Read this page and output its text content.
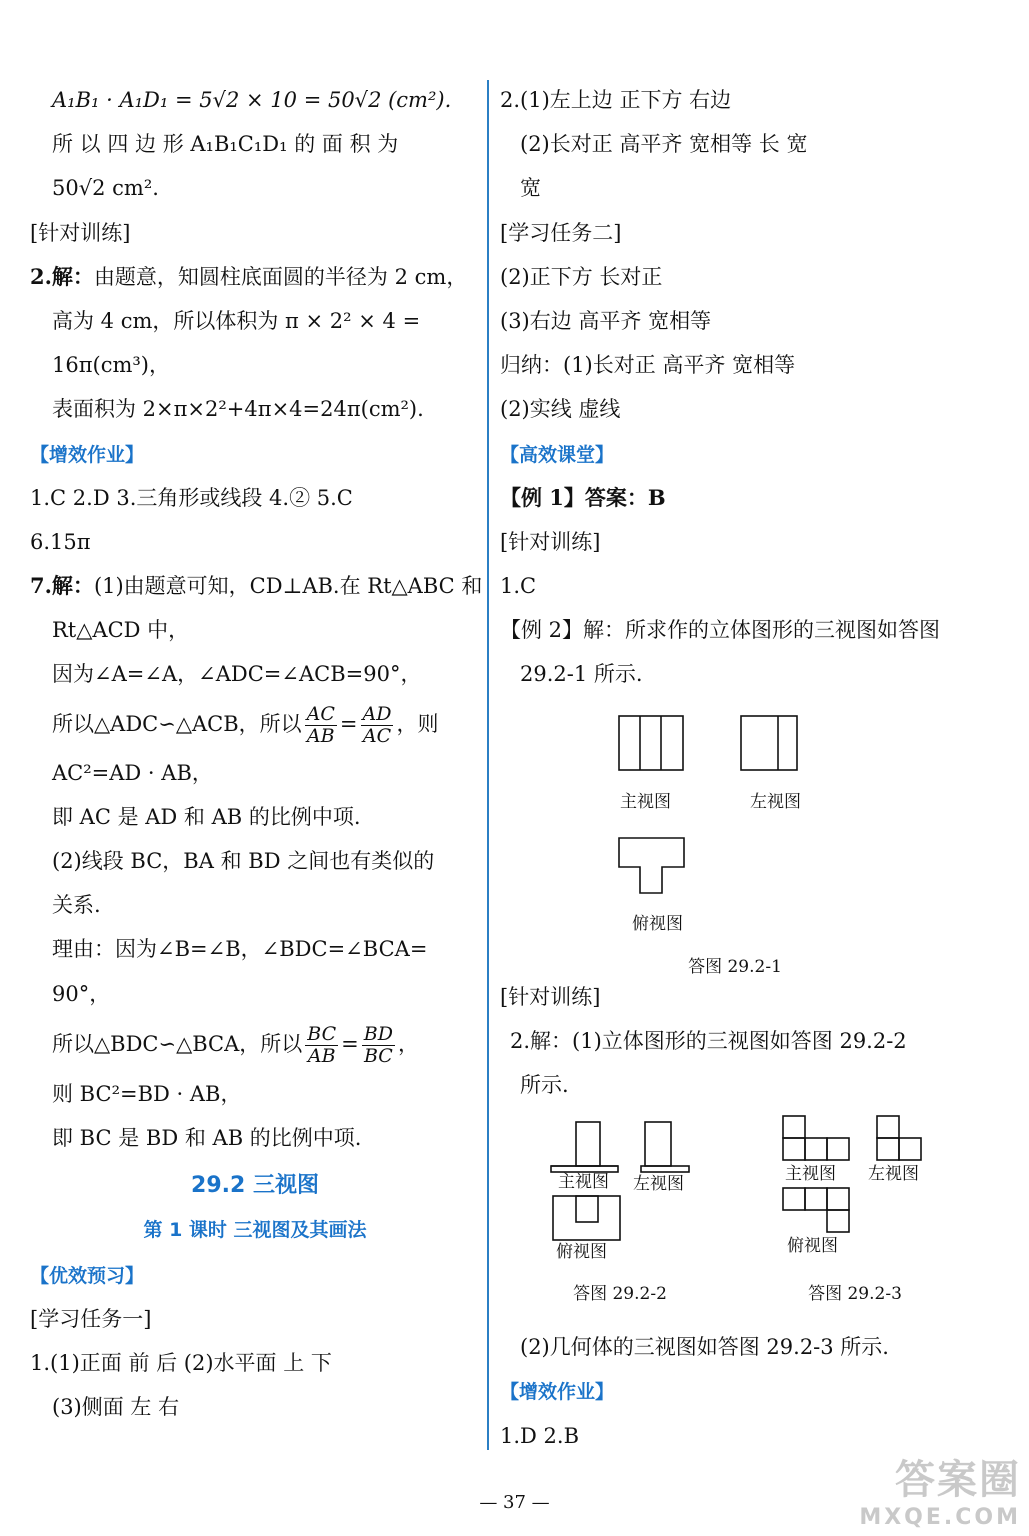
A₁B₁ · A₁D₁ = 5√2 × 10 = 50√2 (cm²).
所 以 四 边 形 A₁B₁C₁D₁ 的 面 积 为
50√2 cm².
[针对训练]
2.解：由题意，知圆柱底面圆的半径为 2 cm，
高为 4 cm，所以体积为 π × 2² × 4 =
16π(cm³)，
表面积为 2×π×2²+4π×4=24π(cm²).
【增效作业】
1.C 2.D 3.三角形或线段 4.② 5.C
6.15π
7.解：(1)由题意可知，CD⊥AB.在 Rt△ABC 和
Rt△ACD 中，
因为∠A=∠A，∠ADC=∠ACB=90°，
所以△ADC∽△ACB，所以 $\frac{AC}{AB} = \frac{AD}{AC}$ ，则
AC²=AD · AB，
即 AC 是 AD 和 AB 的比例中项.
(2)线段 BC，BA 和 BD 之间也有类似的
关系.
理由：因为∠B=∠B，∠BDC=∠BCA=
90°，
所以△BDC∽△BCA，所以 $\frac{BC}{AB} = \frac{BD}{BC}$ ，
则 BC²=BD · AB，
即 BC 是 BD 和 AB 的比例中项.
29.2 三视图
第 1 课时 三视图及其画法
【优效预习】
[学习任务一]
1.(1)正面 前 后 (2)水平面 上 下
(3)侧面 左 右
2.(1)左上边 正下方 右边
(2)长对正 高平齐 宽相等 长 宽
宽
[学习任务二]
(2)正下方 长对正
(3)右边 高平齐 宽相等
归纳：(1)长对正 高平齐 宽相等
(2)实线 虚线
【高效课堂】
【例 1】答案：B
[针对训练]
1.C
【例 2】解：所求作的立体图形的三视图如答图
29.2-1 所示.
主视图	左视图
俯视图
答图 29.2-1
[针对训练]
2.解：(1)立体图形的三视图如答图 29.2-2
所示.
主视图	左视图
俯视图
答图 29.2-2
主视图	左视图
俯视图
答图 29.2-3
(2)几何体的三视图如答图 29.2-3 所示.
【增效作业】
1.D 2.B
— 37 —	答案圈
MXQE.COM
